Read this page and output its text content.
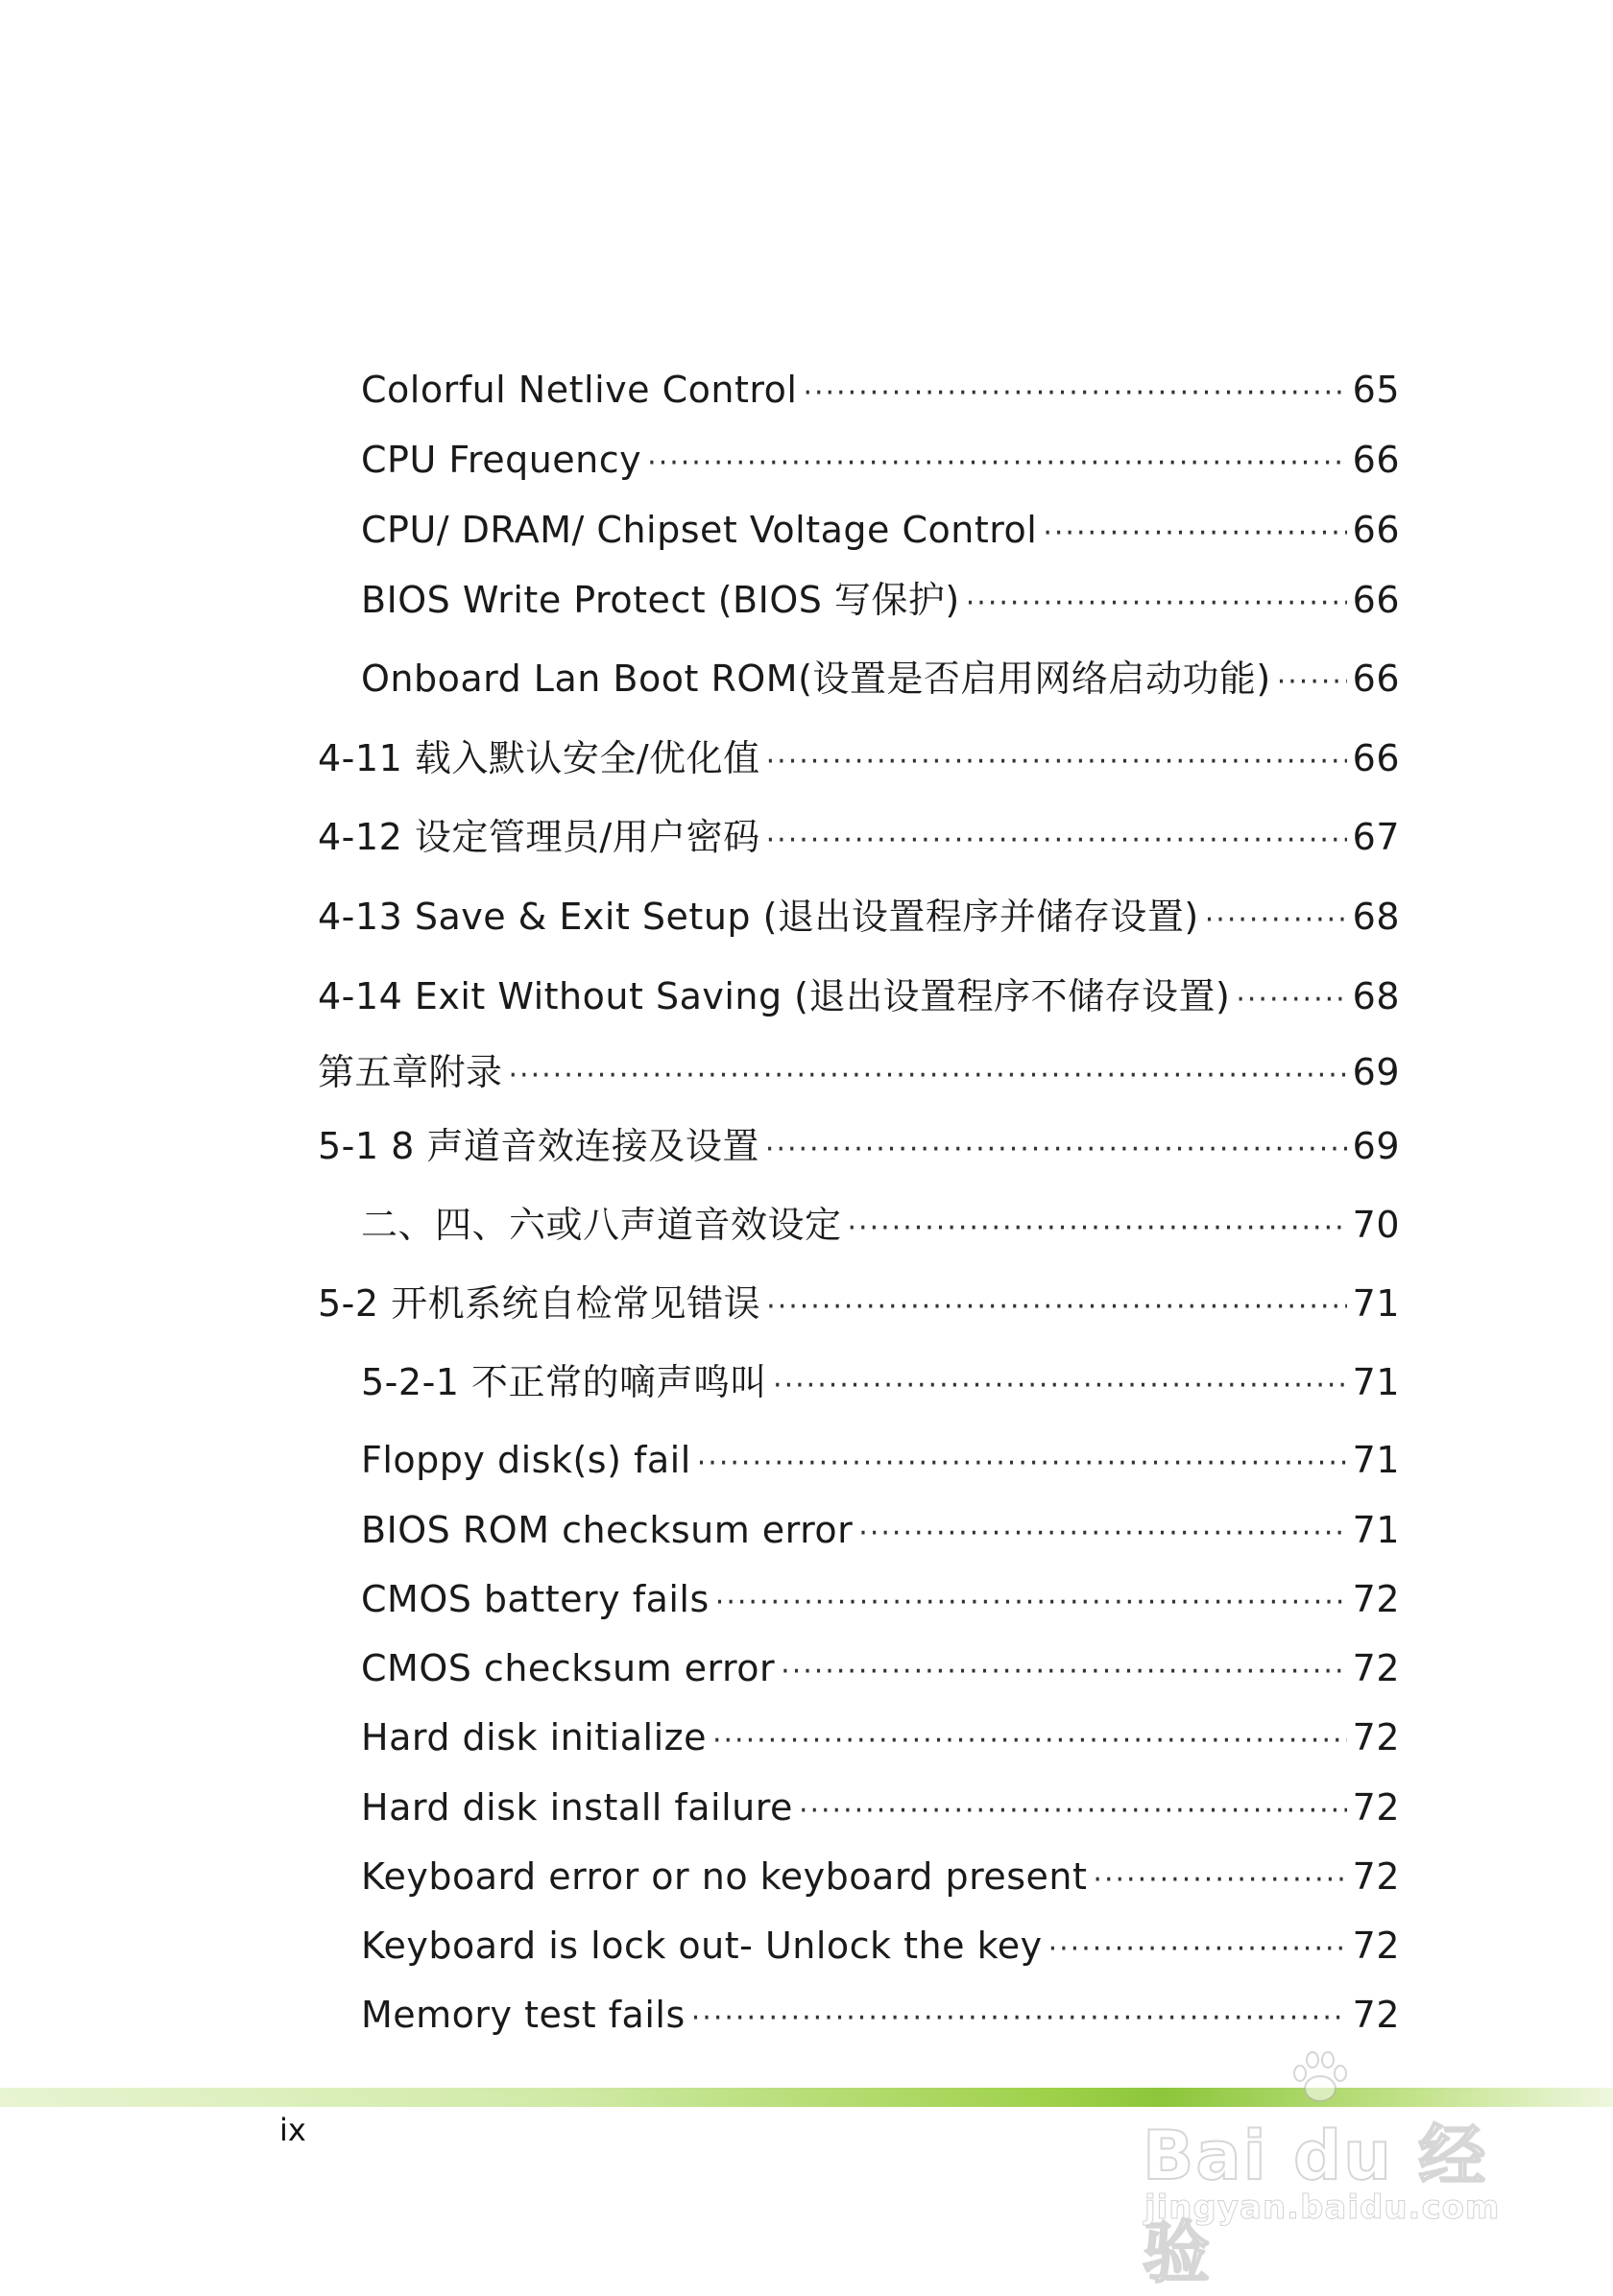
Colorful Netlive Control ·····	65
CPU Frequency ·····	66
CPU/ DRAM/ Chipset Voltage Control ·····	66
BIOS Write Protect (BIOS 写保护) ·····	66
Onboard Lan Boot ROM(设置是否启用网络启动功能) ····· 66
4-11 载入默认安全/优化值 ·····	66
4-12 设定管理员/用户密码 ·····	67
4-13 Save & Exit Setup (退出设置程序并储存设置) ·····	68
4-14 Exit Without Saving (退出设置程序不储存设置) ·····	68
第五章附录 ·····	69
5-1 8 声道音效连接及设置 ·····	69
二、四、六或八声道音效设定 ·····	70
5-2 开机系统自检常见错误 ·····	71
5-2-1 不正常的嘀声鸣叫 ·····	71
Floppy disk(s) fail ·····	71
BIOS ROM checksum error ·····	71
CMOS battery fails ·····	72
CMOS checksum error ·····	72
Hard disk initialize ·····	72
Hard disk install failure ·····	72
Keyboard error or no keyboard present ·····	72
Keyboard is lock out- Unlock the key ·····	72
Memory test fails ·····	72
ix	Bai du 经验
jingyan.baidu.com
